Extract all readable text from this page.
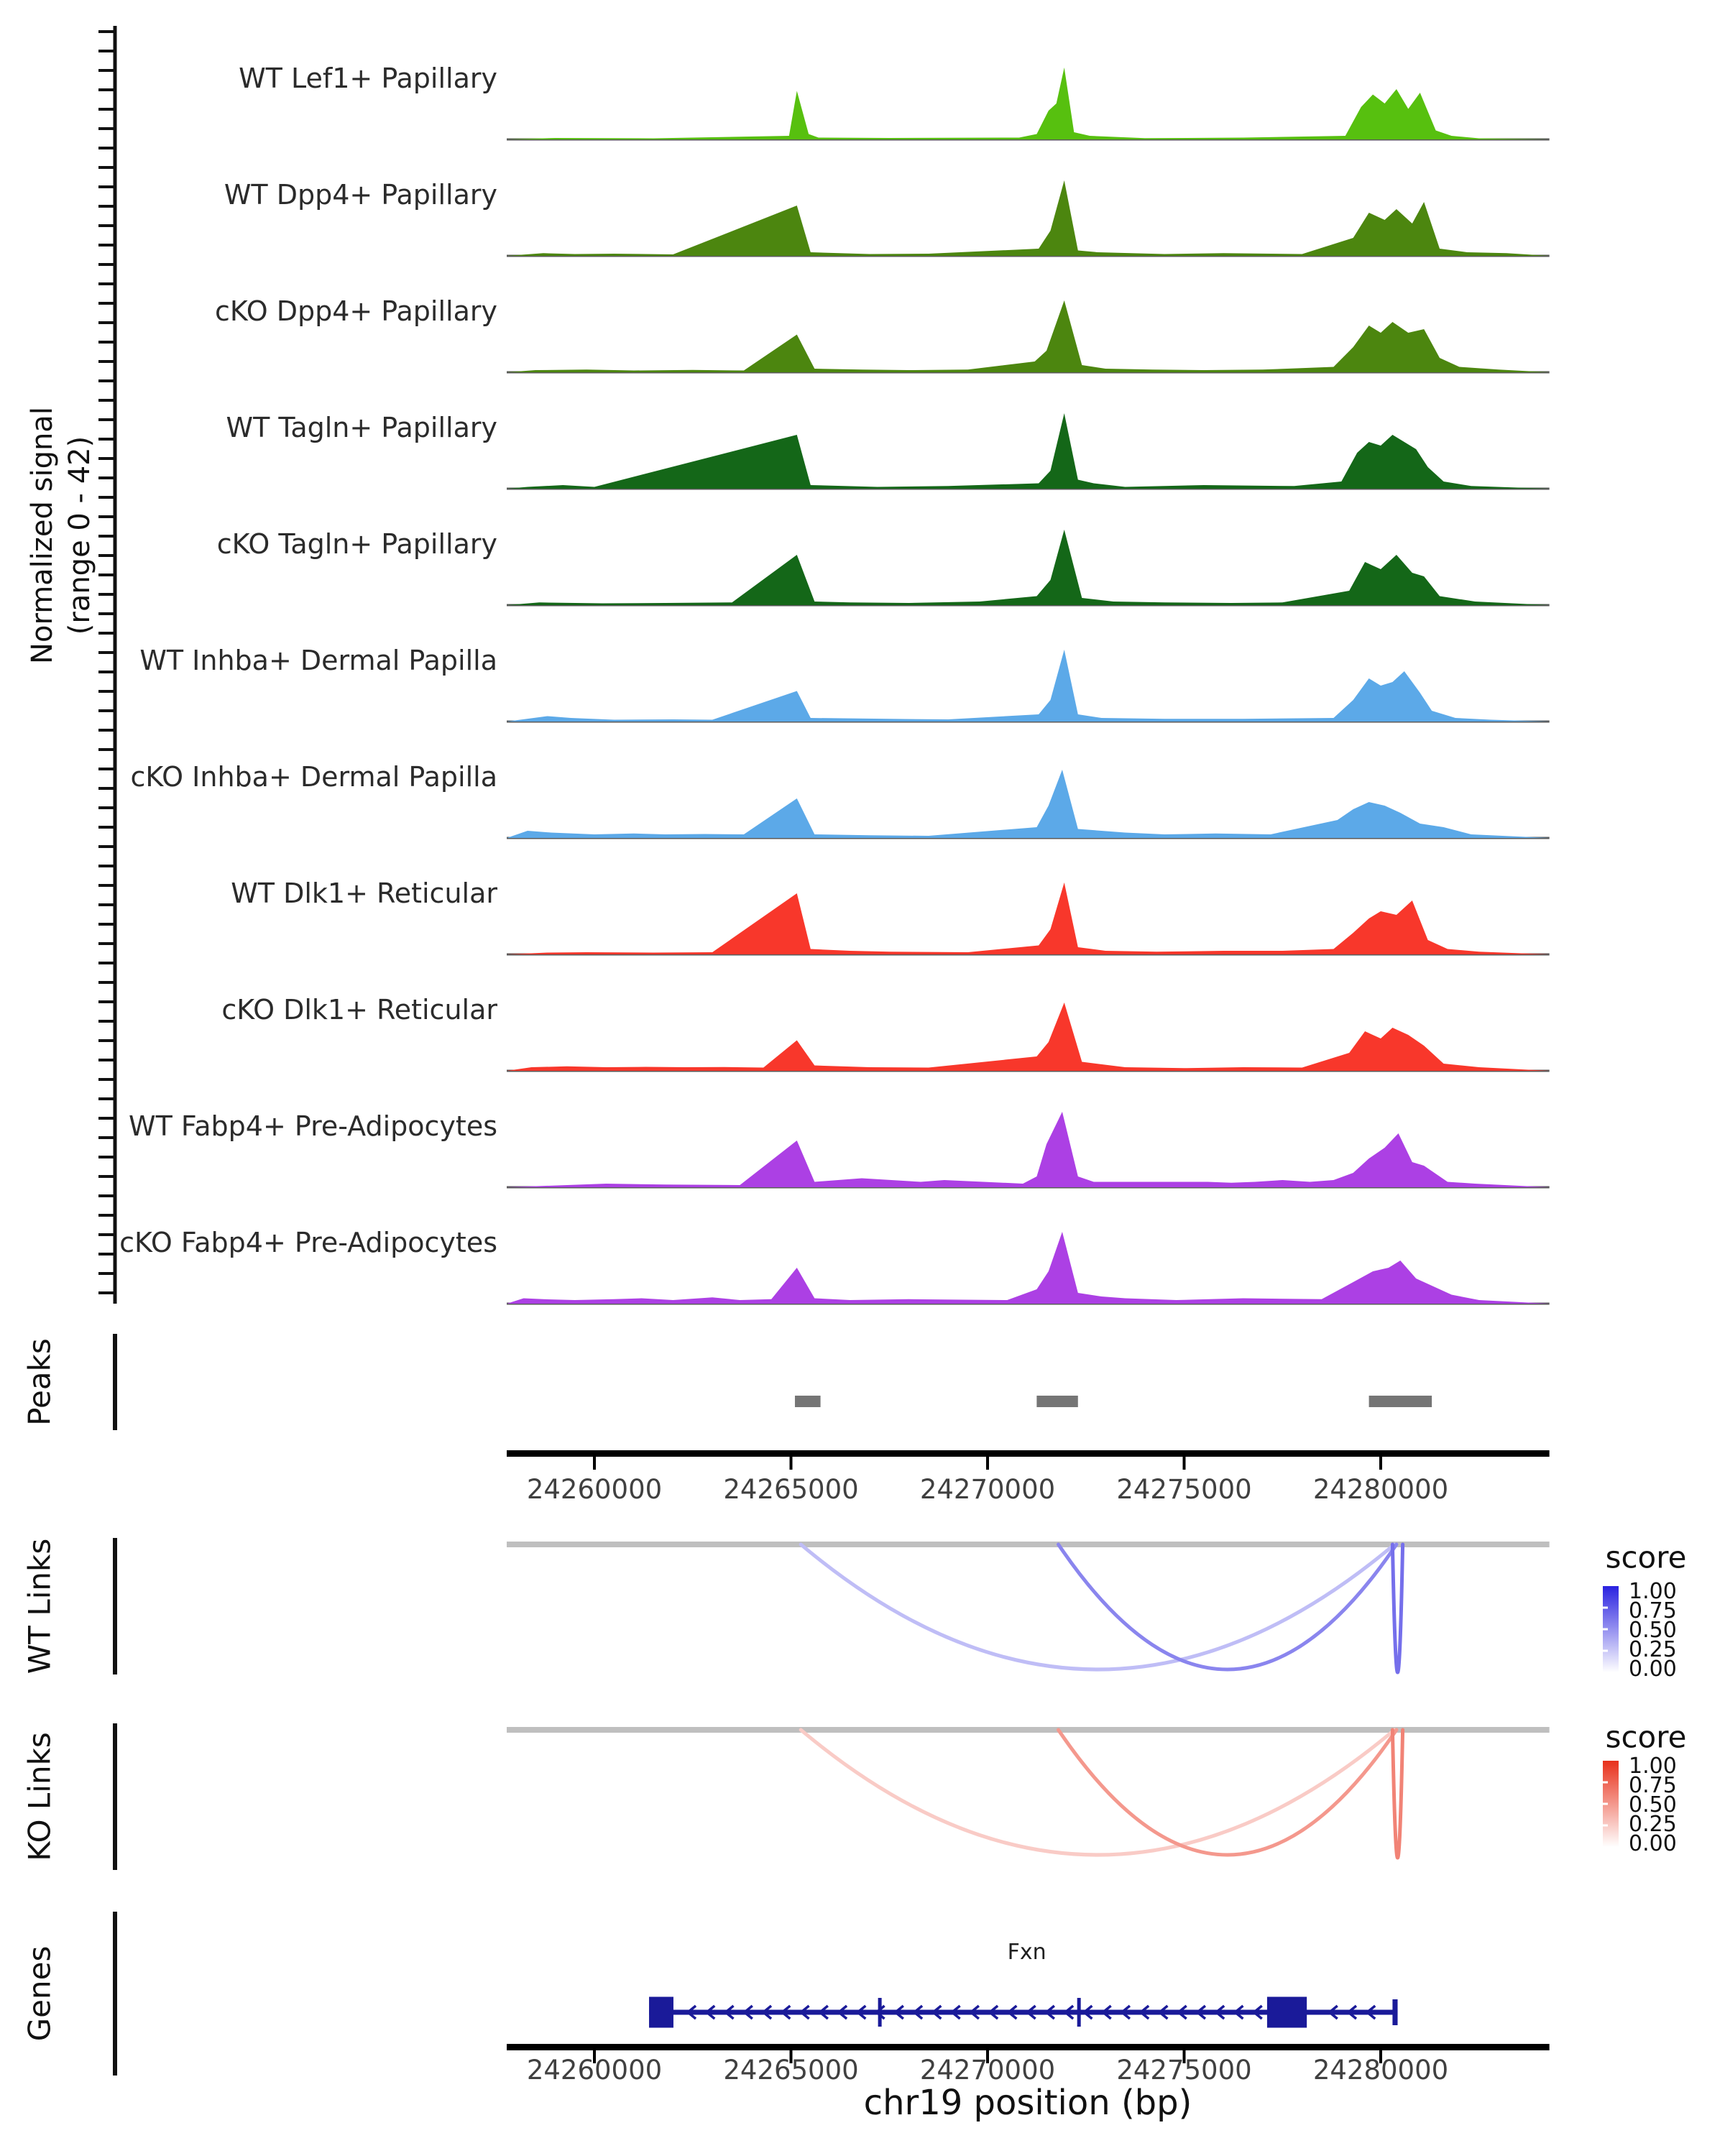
Normalized signal (range 0 - 42)
Peaks
WT Links
KO Links
Genes
score
score
chr19 position (bp)
WT Lef1+ Papillary
WT Dpp4+ Papillary
cKO Dpp4+ Papillary
WT Tagln+ Papillary
cKO Tagln+ Papillary
WT Inhba+ Dermal Papilla
cKO Inhba+ Dermal Papilla
WT Dlk1+ Reticular
cKO Dlk1+ Reticular
WT Fabp4+ Pre-Adipocytes
cKO Fabp4+ Pre-Adipocytes
24260000 24265000 24270000 24275000 24280000
1.00
0.75
0.50
0.25
0.00
1.00
0.75
0.50
0.25
0.00
Fxn
24260000 24265000 24270000 24275000 24280000
